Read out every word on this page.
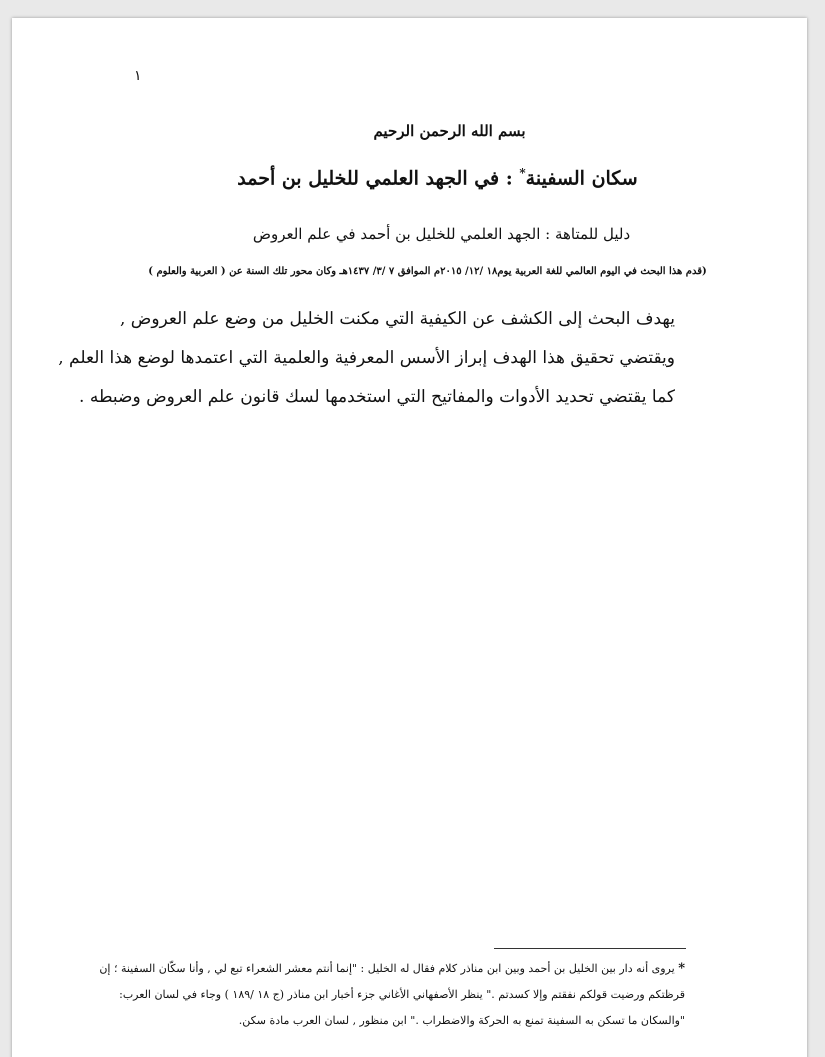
١
بسم الله الرحمن الرحيم
سكان السفينة* : في الجهد العلمي للخليل بن أحمد
دليل للمتاهة : الجهد العلمي للخليل بن أحمد في علم العروض
(قدم هذا البحث في اليوم العالمي للغة العربية يوم١٨ /١٢/ ٢٠١٥م الموافق ٧ /٣/ ١٤٣٧هـ وكان محور تلك السنة عن ( العربية والعلوم )

يهدف البحث إلى الكشف عن الكيفية التي مكنت الخليل من وضع علم العروض ,

ويقتضي تحقيق هذا الهدف إبراز الأسس المعرفية والعلمية التي اعتمدها لوضع هذا العلم ,

كما يقتضي تحديد الأدوات والمفاتيح التي استخدمها لسك قانون علم العروض وضبطه .

* يروى أنه دار بين الخليل بن أحمد وبين ابن مناذر كلام فقال له الخليل : "إنما أنتم معشر الشعراء تبع لي , وأنا سكّان السفينة ؛ إن

قرظتكم ورضيت قولكم نفقتم وإلا كسدتم ." ينظر الأصفهاني الأغاني جزء أخبار ابن مناذر (ج ١٨ /١٨٩ ) وجاء في لسان العرب:

"والسكان ما تسكن به السفينة تمنع به الحركة والاضطراب ." ابن منظور , لسان العرب مادة سكن.
